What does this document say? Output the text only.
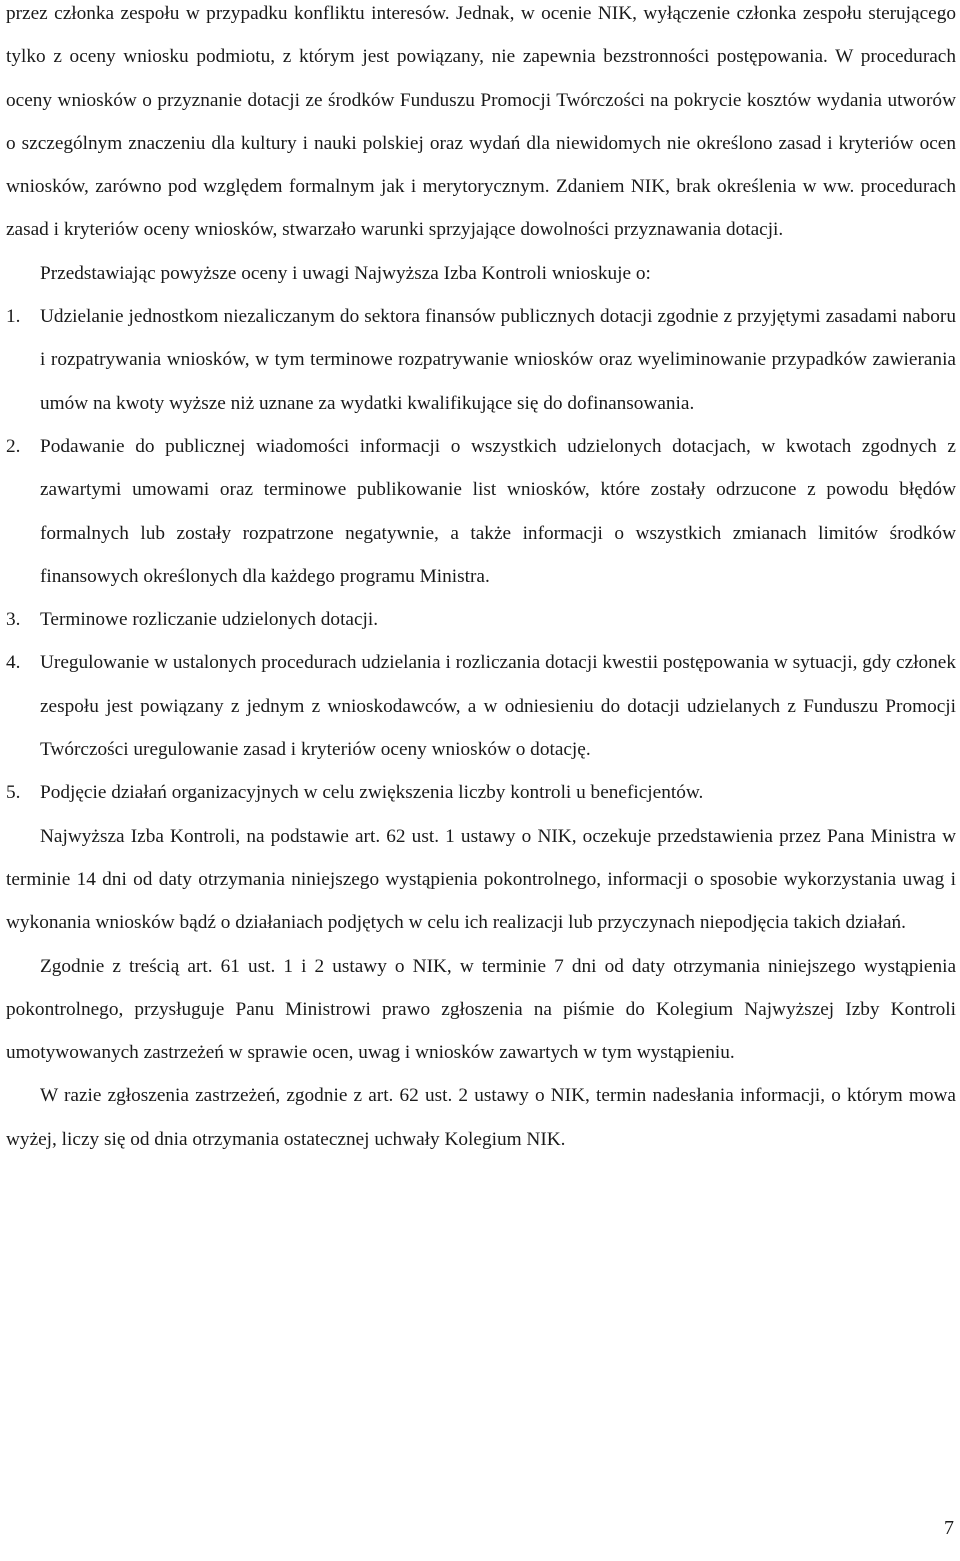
przez członka zespołu w przypadku konfliktu interesów. Jednak, w ocenie NIK, wyłączenie członka zespołu sterującego tylko z oceny wniosku podmiotu, z którym jest powiązany, nie zapewnia bezstronności postępowania. W procedurach oceny wniosków o przyznanie dotacji ze środków Funduszu Promocji Twórczości na pokrycie kosztów wydania utworów o szczególnym znaczeniu dla kultury i nauki polskiej oraz wydań dla niewidomych nie określono zasad i kryteriów ocen wniosków, zarówno pod względem formalnym jak i merytorycznym. Zdaniem NIK, brak określenia w ww. procedurach zasad i kryteriów oceny wniosków, stwarzało warunki sprzyjające dowolności przyznawania dotacji.

Przedstawiając powyższe oceny i uwagi Najwyższa Izba Kontroli wnioskuje o:

1. Udzielanie jednostkom niezaliczanym do sektora finansów publicznych dotacji zgodnie z przyjętymi zasadami naboru i rozpatrywania wniosków, w tym terminowe rozpatrywanie wniosków oraz wyeliminowanie przypadków zawierania umów na kwoty wyższe niż uznane za wydatki kwalifikujące się do dofinansowania.
2. Podawanie do publicznej wiadomości informacji o wszystkich udzielonych dotacjach, w kwotach zgodnych z zawartymi umowami oraz terminowe publikowanie list wniosków, które zostały odrzucone z powodu błędów formalnych lub zostały rozpatrzone negatywnie, a także informacji o wszystkich zmianach limitów środków finansowych określonych dla każdego programu Ministra.
3. Terminowe rozliczanie udzielonych dotacji.
4. Uregulowanie w ustalonych procedurach udzielania i rozliczania dotacji kwestii postępowania w sytuacji, gdy członek zespołu jest powiązany z jednym z wnioskodawców, a w odniesieniu do dotacji udzielanych z Funduszu Promocji Twórczości uregulowanie zasad i kryteriów oceny wniosków o dotację.
5. Podjęcie działań organizacyjnych w celu zwiększenia liczby kontroli u beneficjentów.

Najwyższa Izba Kontroli, na podstawie art. 62 ust. 1 ustawy o NIK, oczekuje przedstawienia przez Pana Ministra w terminie 14 dni od daty otrzymania niniejszego wystąpienia pokontrolnego, informacji o sposobie wykorzystania uwag i wykonania wniosków bądź o działaniach podjętych w celu ich realizacji lub przyczynach niepodjęcia takich działań.

Zgodnie z treścią art. 61 ust. 1 i 2 ustawy o NIK, w terminie 7 dni od daty otrzymania niniejszego wystąpienia pokontrolnego, przysługuje Panu Ministrowi prawo zgłoszenia na piśmie do Kolegium Najwyższej Izby Kontroli umotywowanych zastrzeżeń w sprawie ocen, uwag i wniosków zawartych w tym wystąpieniu.

W razie zgłoszenia zastrzeżeń, zgodnie z art. 62 ust. 2 ustawy o NIK, termin nadesłania informacji, o którym mowa wyżej, liczy się od dnia otrzymania ostatecznej uchwały Kolegium NIK.

7
